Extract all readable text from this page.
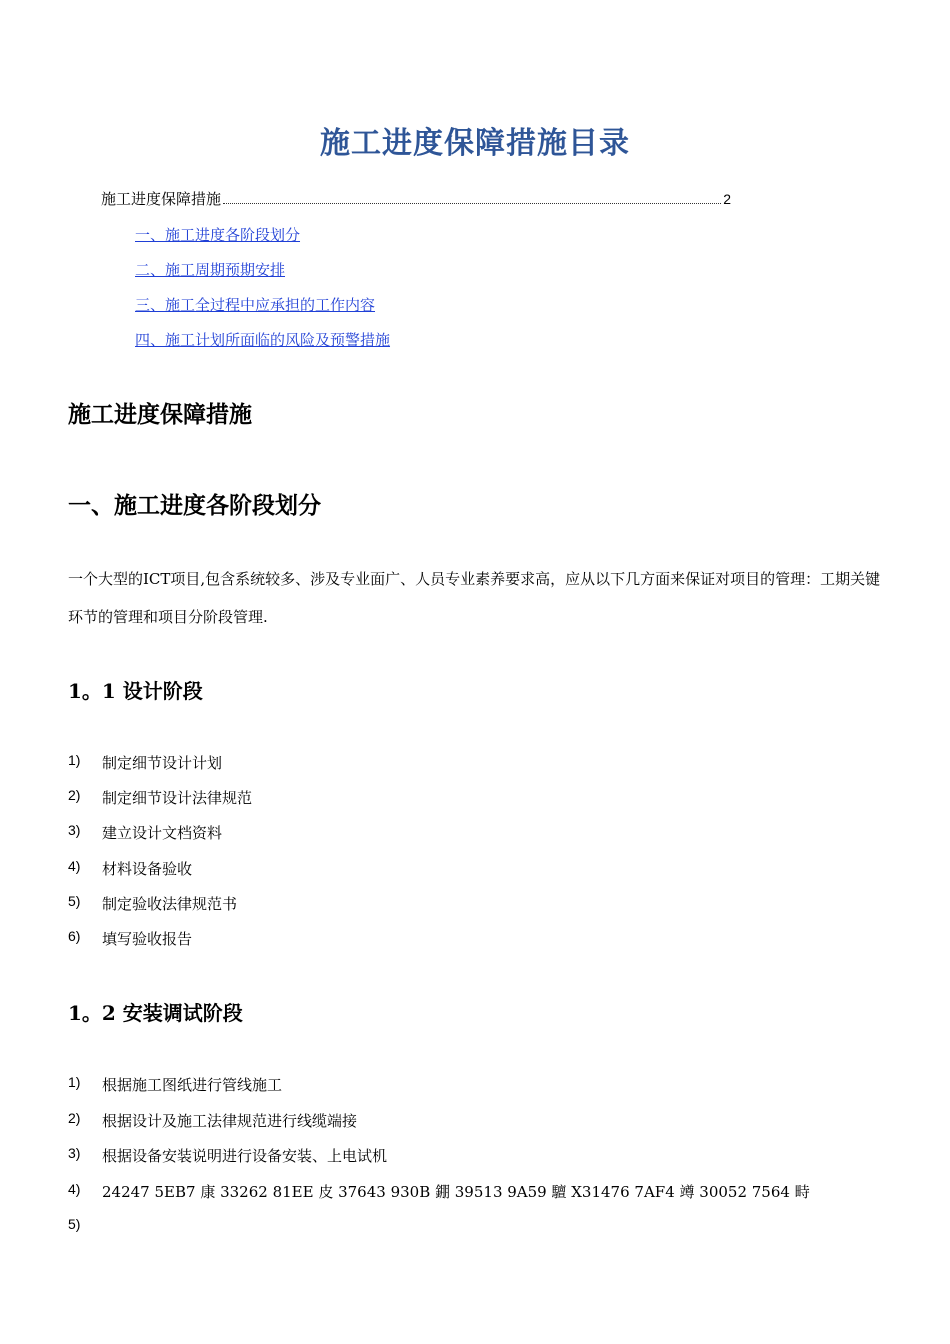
施工进度保障措施目录
施工进度保障措施	2
一、施工进度各阶段划分
二、施工周期预期安排
三、施工全过程中应承担的工作内容
四、施工计划所面临的风险及预警措施
施工进度保障措施
一、施工进度各阶段划分
一个大型的ICT项目,包含系统较多、涉及专业面广、人员专业素养要求高，应从以下几方面来保证对项目的管理：工期关键环节的管理和项目分阶段管理.
1。1 设计阶段
1)	制定细节设计计划
2)	制定细节设计法律规范
3)	建立设计文档资料
4)	材料设备验收
5)	制定验收法律规范书
6)	填写验收报告
1。2 安装调试阶段
1)	根据施工图纸进行管线施工
2)	根据设计及施工法律规范进行线缆端接
3)	根据设备安装说明进行设备安装、上电试机
4)	24247 5EB7 康 33262 81EE 皮 37643 930B 錋 39513 9A59 驙 X31476 7AF4 竴 30052 7564 畤
5)
